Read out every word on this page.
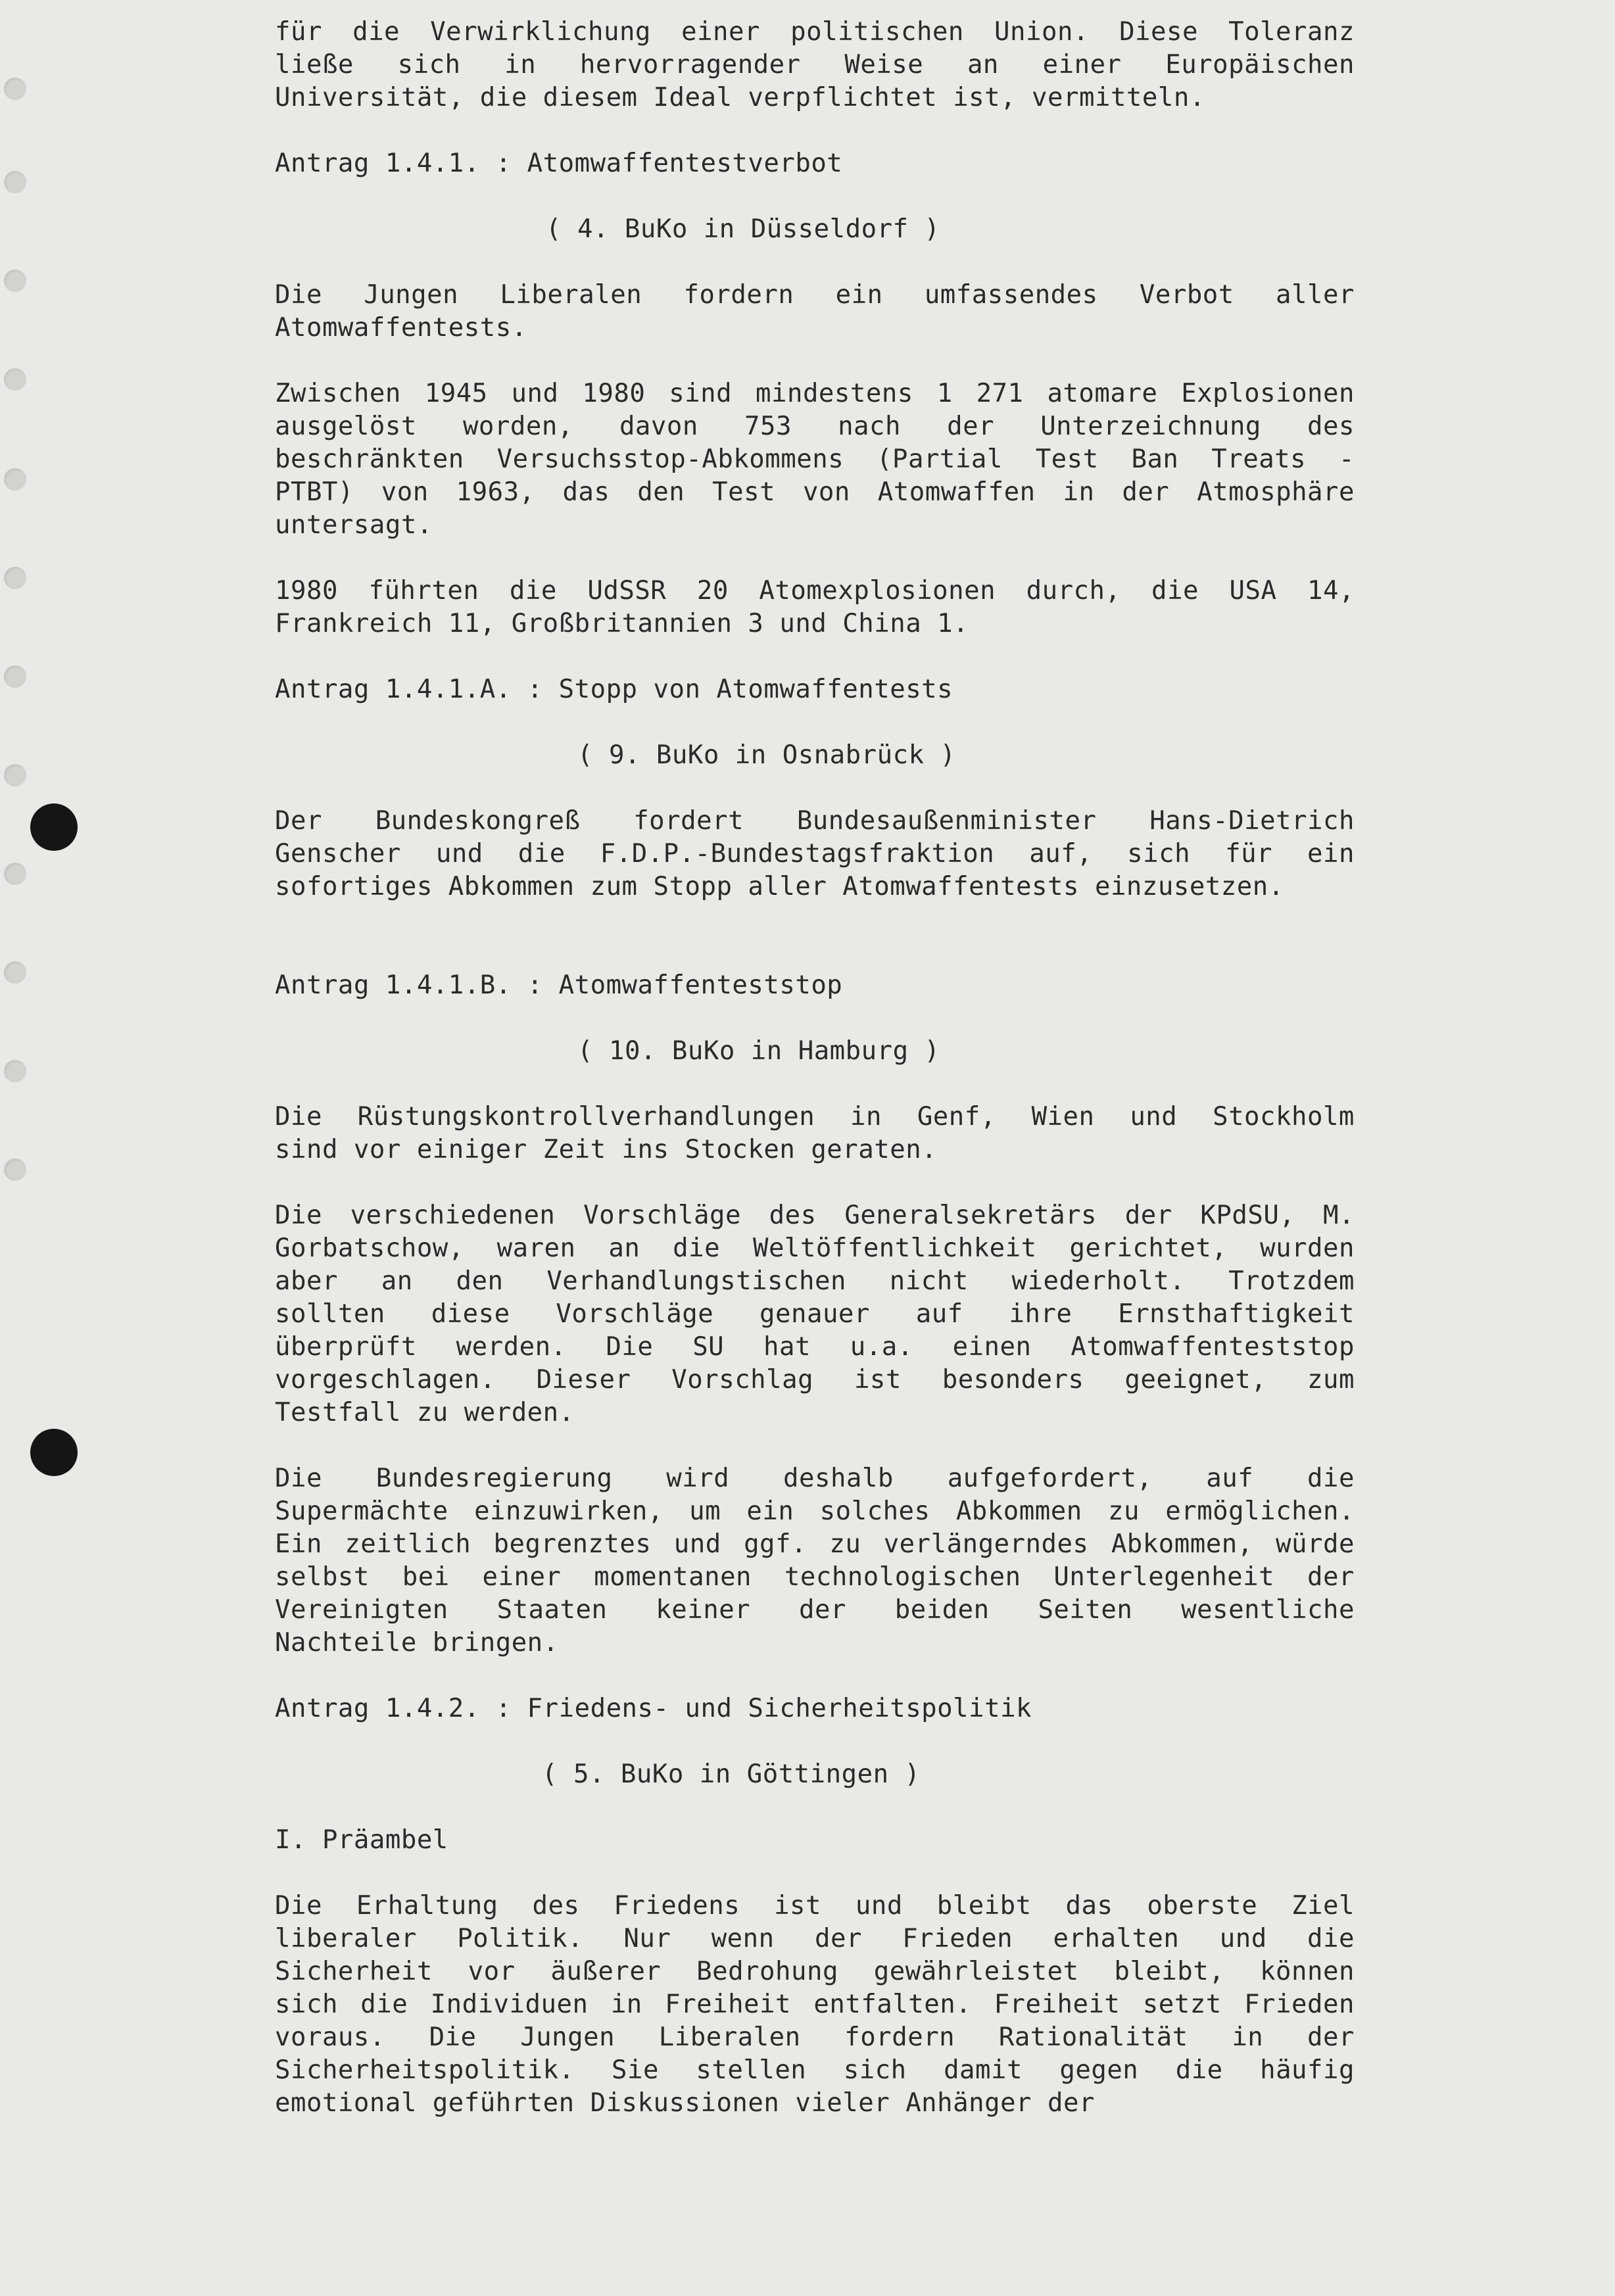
für die Verwirklichung einer politischen Union. Diese Toleranz
ließe sich in hervorragender Weise an einer Europäischen
Universität, die diesem Ideal verpflichtet ist, vermitteln.
Antrag 1.4.1. : Atomwaffentestverbot
( 4. BuKo in Düsseldorf )
Die Jungen Liberalen fordern ein umfassendes Verbot aller
Atomwaffentests.
Zwischen 1945 und 1980 sind mindestens 1 271 atomare Explosionen
ausgelöst worden, davon 753 nach der Unterzeichnung des
beschränkten Versuchsstop-Abkommens (Partial Test Ban Treats -
PTBT) von 1963, das den Test von Atomwaffen in der Atmosphäre
untersagt.
1980 führten die UdSSR 20 Atomexplosionen durch, die USA 14,
Frankreich 11, Großbritannien 3 und China 1.
Antrag 1.4.1.A. : Stopp von Atomwaffentests
( 9. BuKo in Osnabrück )
Der Bundeskongreß fordert Bundesaußenminister Hans-Dietrich
Genscher und die F.D.P.-Bundestagsfraktion auf, sich für ein
sofortiges Abkommen zum Stopp aller Atomwaffentests einzusetzen.
Antrag 1.4.1.B. : Atomwaffenteststop
( 10. BuKo in Hamburg )
Die Rüstungskontrollverhandlungen in Genf, Wien und Stockholm
sind vor einiger Zeit ins Stocken geraten.
Die verschiedenen Vorschläge des Generalsekretärs der KPdSU, M.
Gorbatschow, waren an die Weltöffentlichkeit gerichtet, wurden
aber an den Verhandlungstischen nicht wiederholt. Trotzdem
sollten diese Vorschläge genauer auf ihre Ernsthaftigkeit
überprüft werden. Die SU hat u.a. einen Atomwaffenteststop
vorgeschlagen. Dieser Vorschlag ist besonders geeignet, zum
Testfall zu werden.
Die Bundesregierung wird deshalb aufgefordert, auf die
Supermächte einzuwirken, um ein solches Abkommen zu ermöglichen.
Ein zeitlich begrenztes und ggf. zu verlängerndes Abkommen, würde
selbst bei einer momentanen technologischen Unterlegenheit der
Vereinigten Staaten keiner der beiden Seiten wesentliche
Nachteile bringen.
Antrag 1.4.2. : Friedens- und Sicherheitspolitik
( 5. BuKo in Göttingen )
I. Präambel
Die Erhaltung des Friedens ist und bleibt das oberste Ziel
liberaler Politik. Nur wenn der Frieden erhalten und die
Sicherheit vor äußerer Bedrohung gewährleistet bleibt, können
sich die Individuen in Freiheit entfalten. Freiheit setzt Frieden
voraus. Die Jungen Liberalen fordern Rationalität in der
Sicherheitspolitik. Sie stellen sich damit gegen die häufig
emotional geführten Diskussionen vieler Anhänger der
